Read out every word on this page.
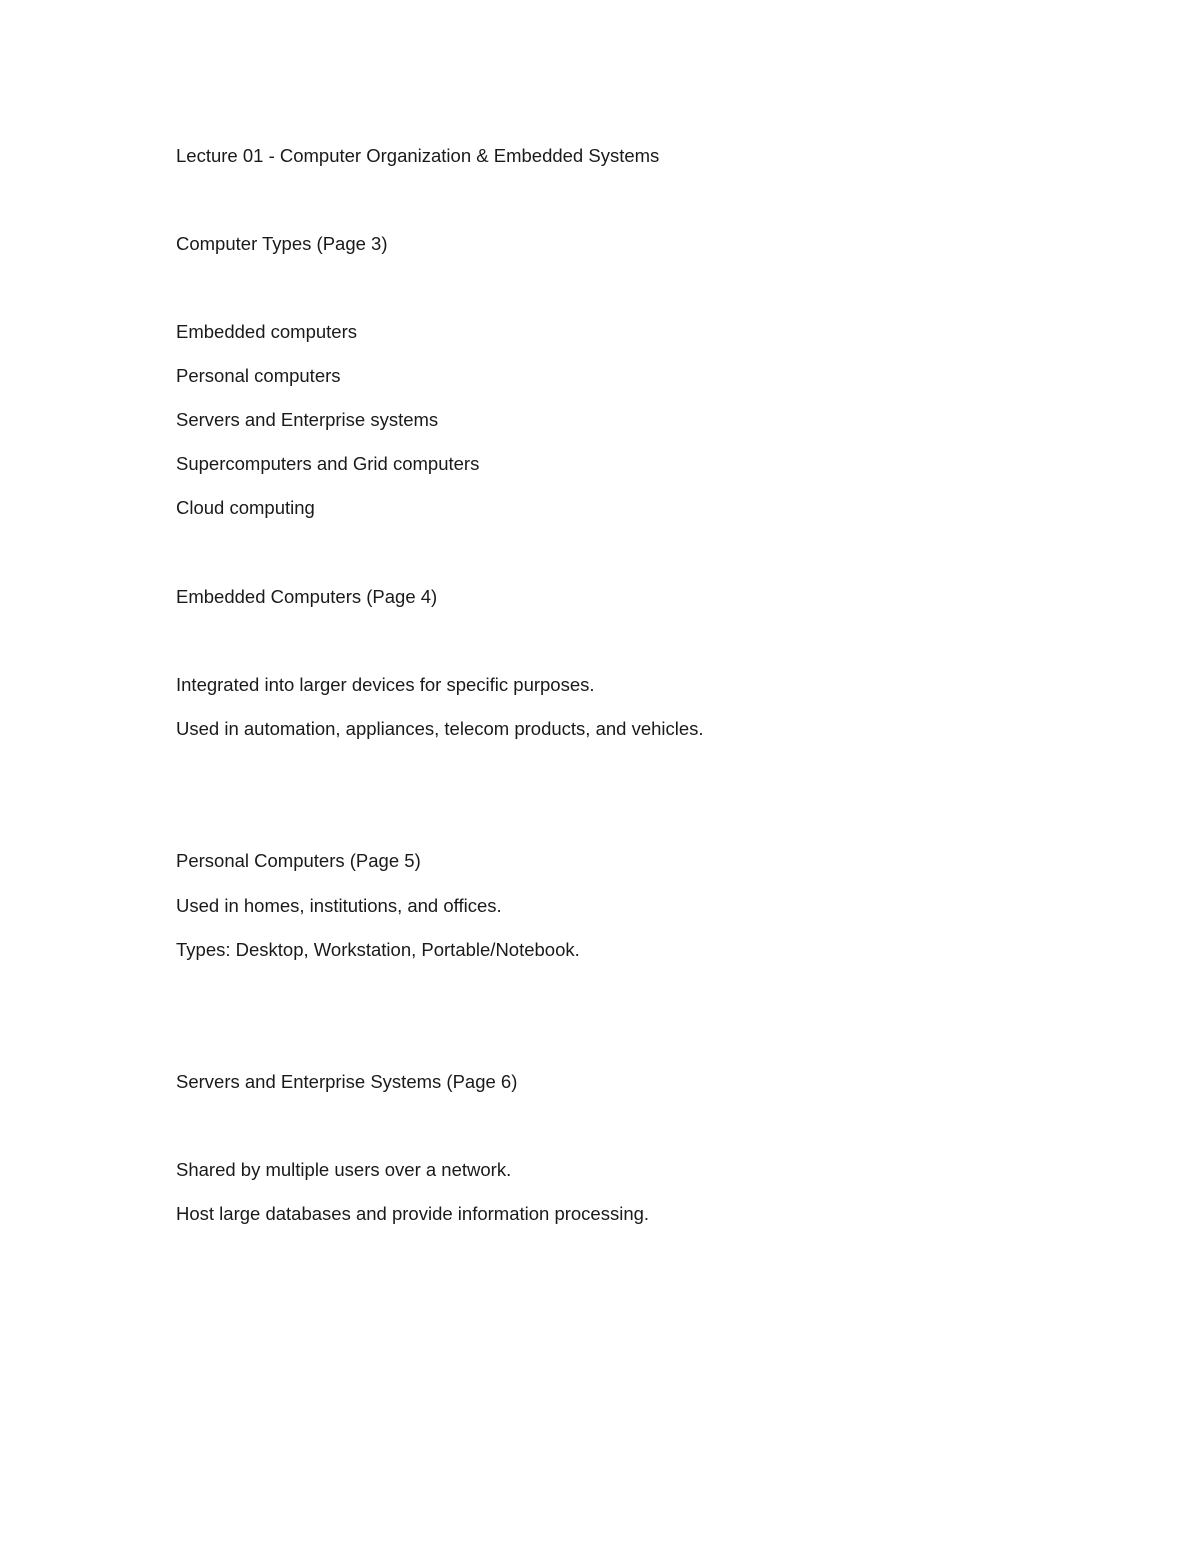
Lecture 01 - Computer Organization & Embedded Systems
Computer Types (Page 3)
Embedded computers
Personal computers
Servers and Enterprise systems
Supercomputers and Grid computers
Cloud computing
Embedded Computers (Page 4)
Integrated into larger devices for specific purposes.
Used in automation, appliances, telecom products, and vehicles.
Personal Computers (Page 5)
Used in homes, institutions, and offices.
Types: Desktop, Workstation, Portable/Notebook.
Servers and Enterprise Systems (Page 6)
Shared by multiple users over a network.
Host large databases and provide information processing.
